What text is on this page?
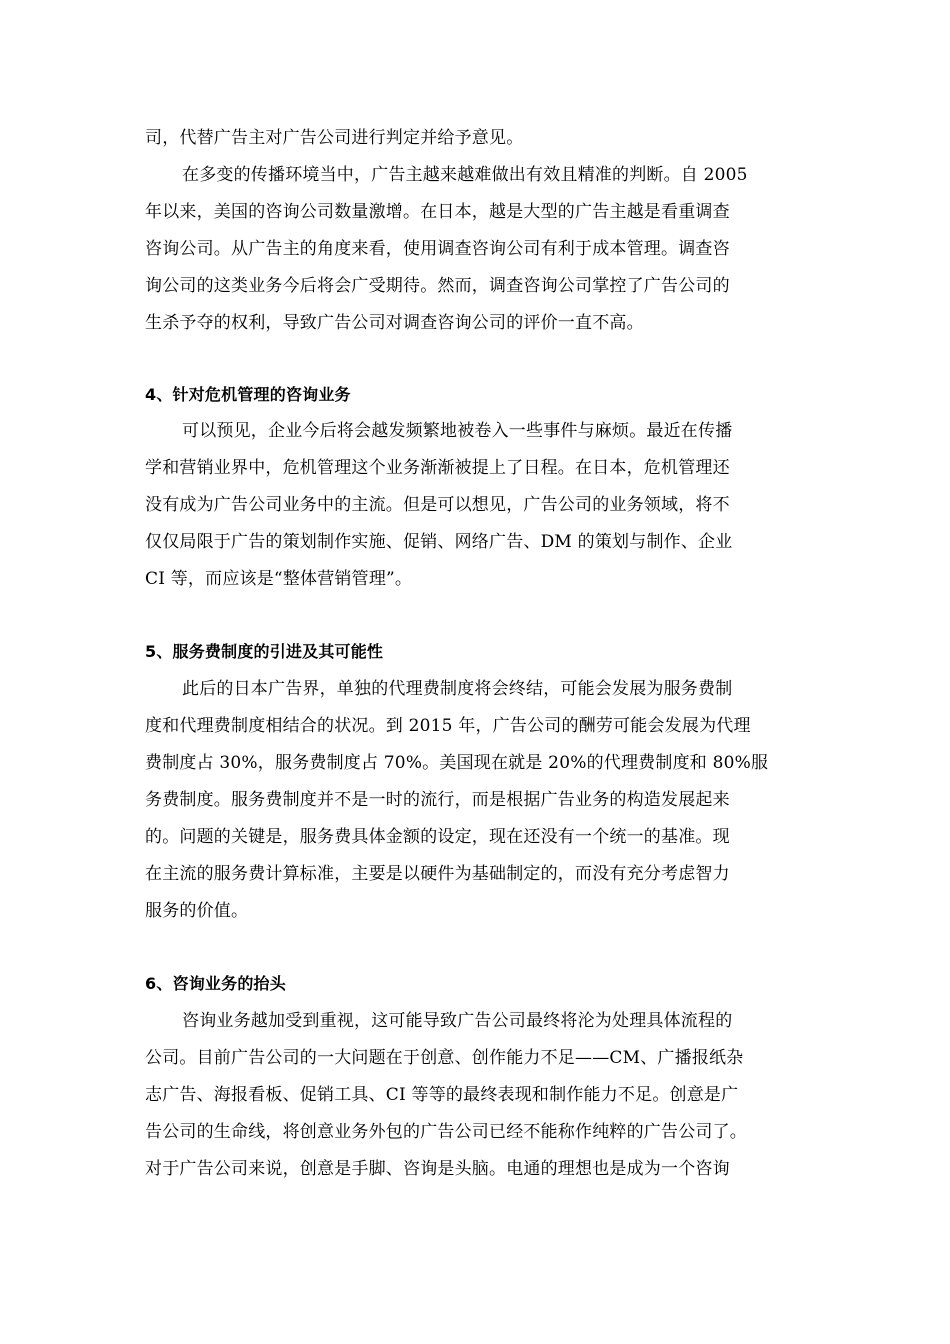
司，代替广告主对广告公司进行判定并给予意见。
在多变的传播环境当中，广告主越来越难做出有效且精准的判断。自 2005
年以来，美国的咨询公司数量激增。在日本，越是大型的广告主越是看重调查
咨询公司。从广告主的角度来看，使用调查咨询公司有利于成本管理。调查咨
询公司的这类业务今后将会广受期待。然而，调查咨询公司掌控了广告公司的
生杀予夺的权利，导致广告公司对调查咨询公司的评价一直不高。
4、针对危机管理的咨询业务
可以预见，企业今后将会越发频繁地被卷入一些事件与麻烦。最近在传播
学和营销业界中，危机管理这个业务渐渐被提上了日程。在日本，危机管理还
没有成为广告公司业务中的主流。但是可以想见，广告公司的业务领域，将不
仅仅局限于广告的策划制作实施、促销、网络广告、DM 的策划与制作、企业
CI 等，而应该是“整体营销管理”。
5、服务费制度的引进及其可能性
此后的日本广告界，单独的代理费制度将会终结，可能会发展为服务费制
度和代理费制度相结合的状况。到 2015 年，广告公司的酬劳可能会发展为代理
费制度占 30%，服务费制度占 70%。美国现在就是 20%的代理费制度和 80%服
务费制度。服务费制度并不是一时的流行，而是根据广告业务的构造发展起来
的。问题的关键是，服务费具体金额的设定，现在还没有一个统一的基准。现
在主流的服务费计算标准，主要是以硬件为基础制定的，而没有充分考虑智力
服务的价值。
6、咨询业务的抬头
咨询业务越加受到重视，这可能导致广告公司最终将沦为处理具体流程的
公司。目前广告公司的一大问题在于创意、创作能力不足——CM、广播报纸杂
志广告、海报看板、促销工具、CI 等等的最终表现和制作能力不足。创意是广
告公司的生命线，将创意业务外包的广告公司已经不能称作纯粹的广告公司了。
对于广告公司来说，创意是手脚、咨询是头脑。电通的理想也是成为一个咨询
